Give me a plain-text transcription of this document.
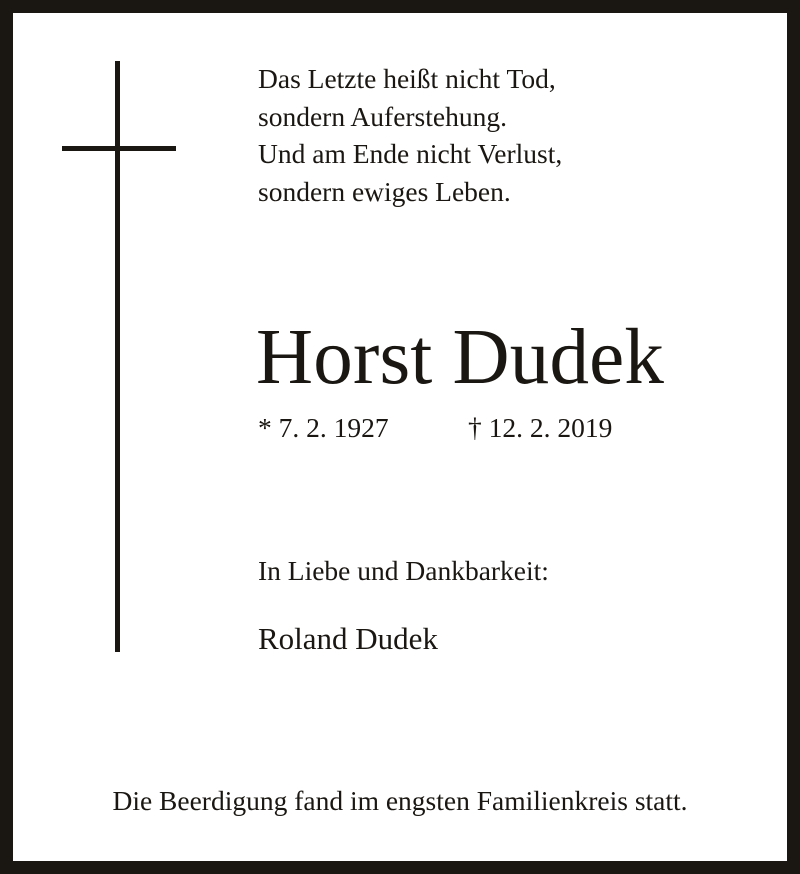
Das Letzte heißt nicht Tod,
sondern Auferstehung.
Und am Ende nicht Verlust,
sondern ewiges Leben.
Horst Dudek
* 7. 2. 1927	† 12. 2. 2019
In Liebe und Dankbarkeit:
Roland Dudek
Die Beerdigung fand im engsten Familienkreis statt.
